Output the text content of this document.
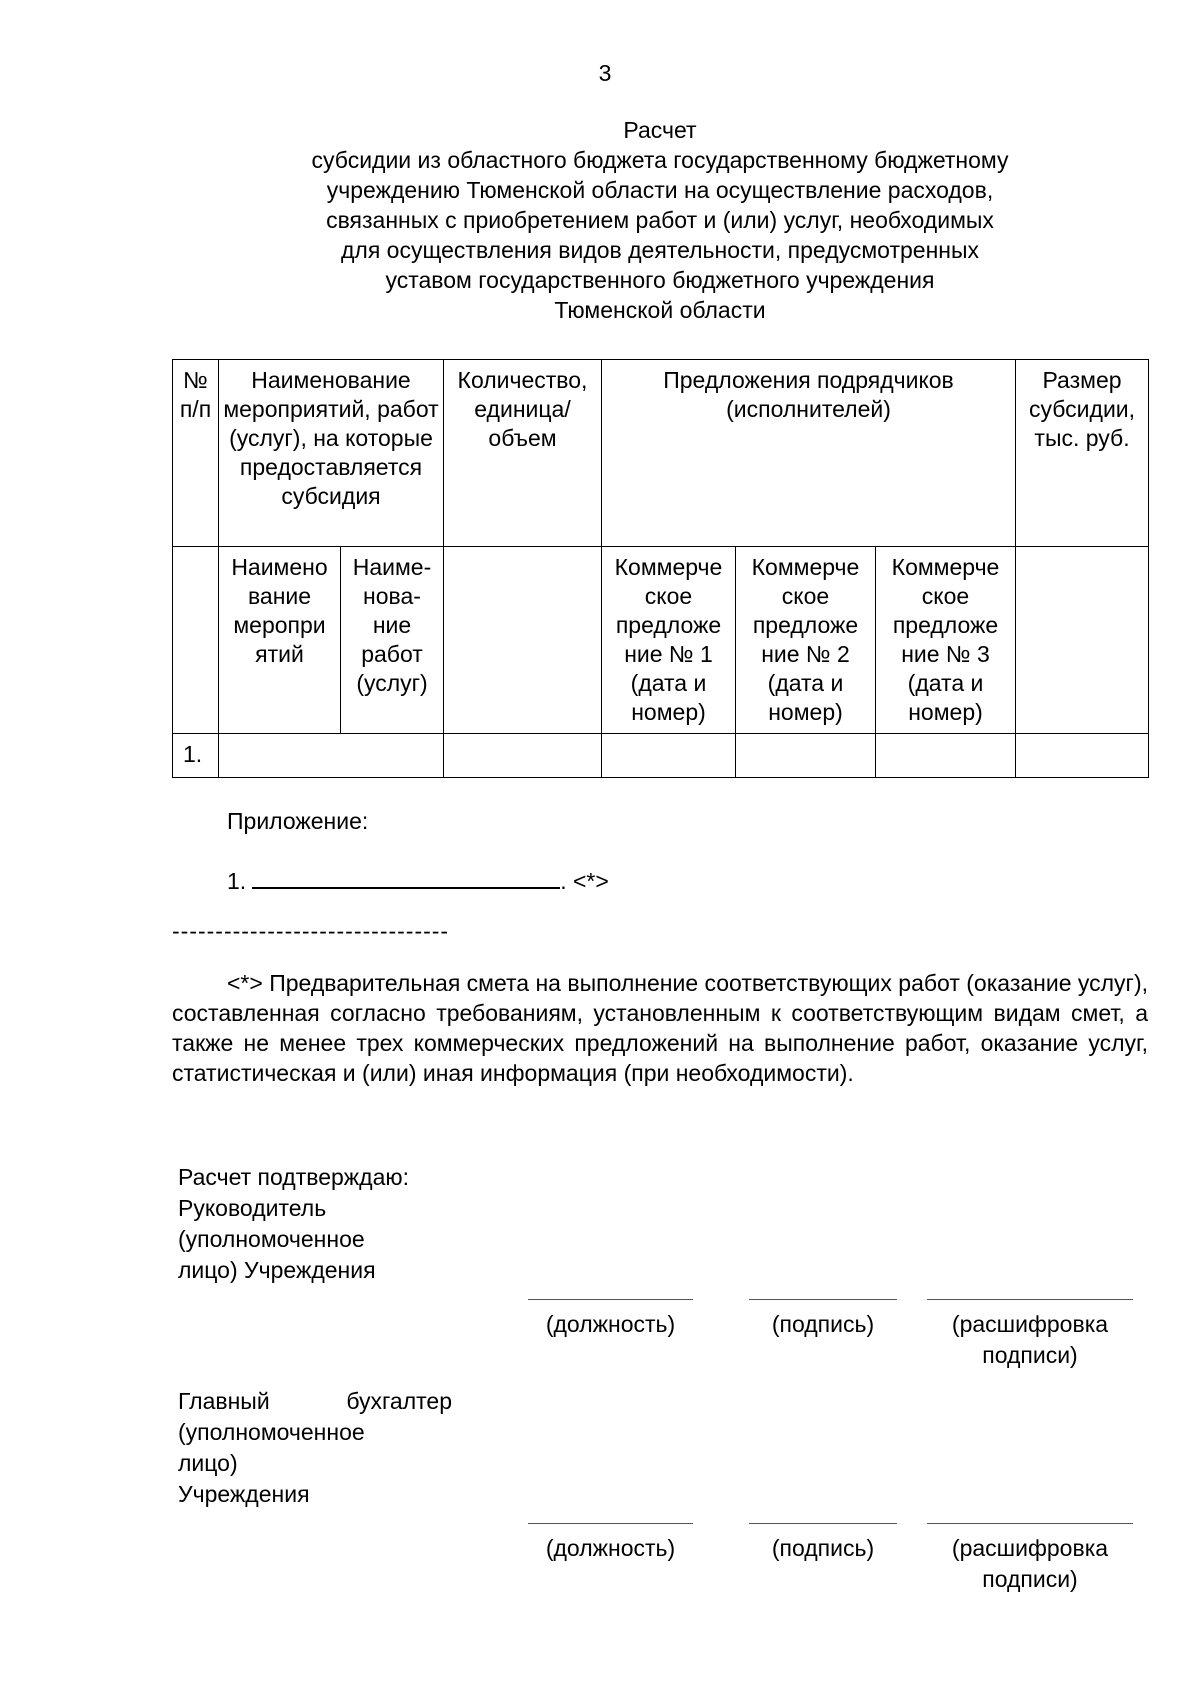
3
Расчет
субсидии из областного бюджета государственному бюджетному
учреждению Тюменской области на осуществление расходов,
связанных с приобретением работ и (или) услуг, необходимых
для осуществления видов деятельности, предусмотренных
уставом государственного бюджетного учреждения
Тюменской области
№ п/п	Наименование мероприятий, работ (услуг), на которые предоставляется субсидия		Количество, единица/ объем	Предложения подрядчиков (исполнителей)			Размер субсидии, тыс. руб.
	Наимено вание меропри ятий	Наиме- нова- ние работ (услуг)		Коммерче ское предложе ние № 1 (дата и номер)	Коммерче ское предложе ние № 2 (дата и номер)	Коммерче ское предложе ние № 3 (дата и номер)	
1.							
Приложение:
1.	. <*>
--------------------------------
<*> Предварительная смета на выполнение соответствующих работ (оказание услуг), составленная согласно требованиям, установленным к соответствующим видам смет, а также не менее трех коммерческих предложений на выполнение работ, оказание услуг, статистическая и (или) иная информация (при необходимости).
Расчет подтверждаю:
Руководитель
(уполномоченное
лицо) Учреждения
(должность)	(подпись)	(расшифровка
подписи)
Главный бухгалтер
(уполномоченное
лицо)
Учреждения
(должность)	(подпись)	(расшифровка
подписи)
